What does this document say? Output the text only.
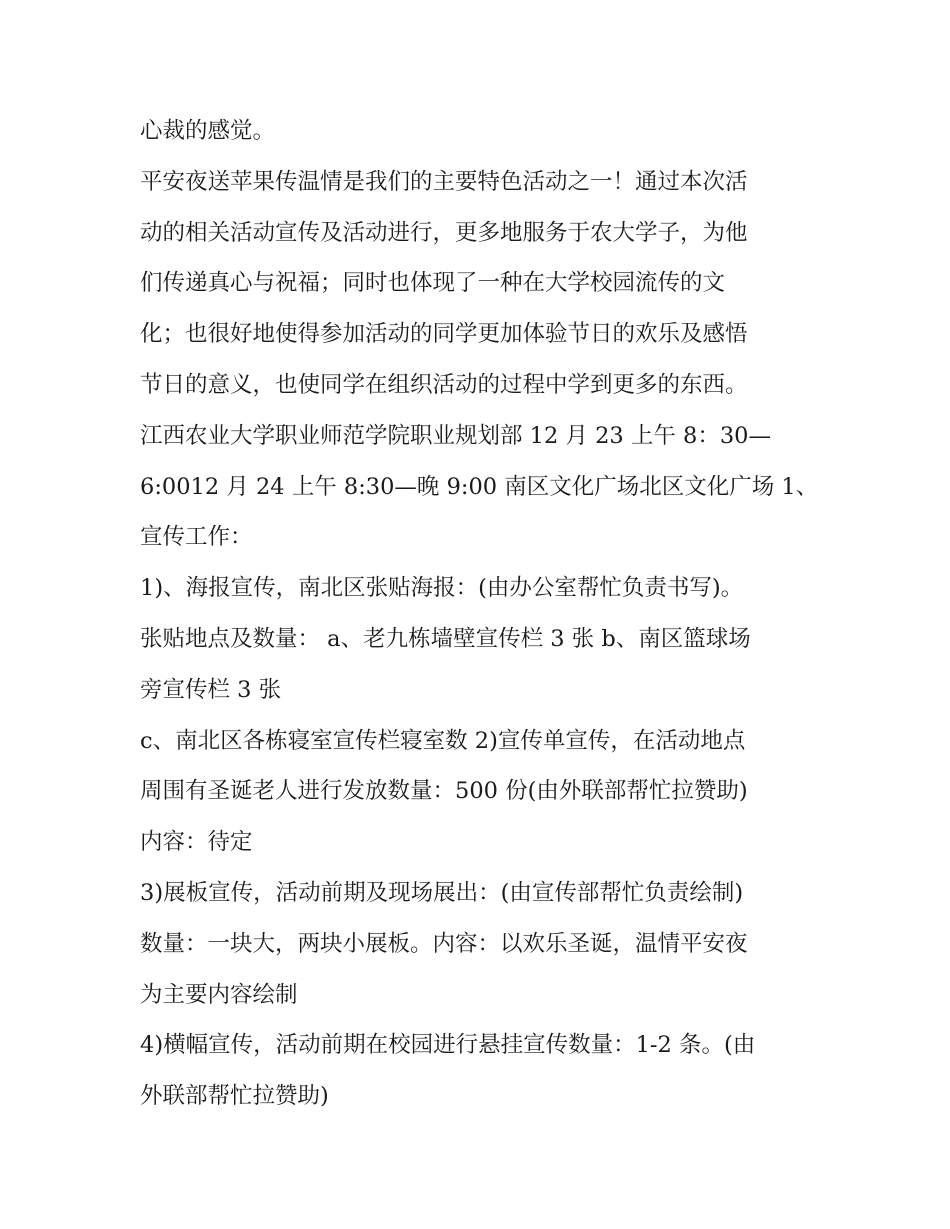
心裁的感觉。
平安夜送苹果传温情是我们的主要特色活动之一！通过本次活
动的相关活动宣传及活动进行，更多地服务于农大学子，为他
们传递真心与祝福；同时也体现了一种在大学校园流传的文
化；也很好地使得参加活动的同学更加体验节日的欢乐及感悟
节日的意义，也使同学在组织活动的过程中学到更多的东西。
江西农业大学职业师范学院职业规划部 12 月 23 上午 8：30—
6:0012 月 24 上午 8:30—晚 9:00 南区文化广场北区文化广场 1、
宣传工作：
1)、海报宣传，南北区张贴海报：(由办公室帮忙负责书写)。
张贴地点及数量： a、老九栋墙壁宣传栏 3 张 b、南区篮球场
旁宣传栏 3 张
c、南北区各栋寝室宣传栏寝室数 2)宣传单宣传，在活动地点
周围有圣诞老人进行发放数量：500 份(由外联部帮忙拉赞助)
内容：待定
3)展板宣传，活动前期及现场展出：(由宣传部帮忙负责绘制)
数量：一块大，两块小展板。内容：以欢乐圣诞，温情平安夜
为主要内容绘制
4)横幅宣传，活动前期在校园进行悬挂宣传数量：1-2 条。(由
外联部帮忙拉赞助)
